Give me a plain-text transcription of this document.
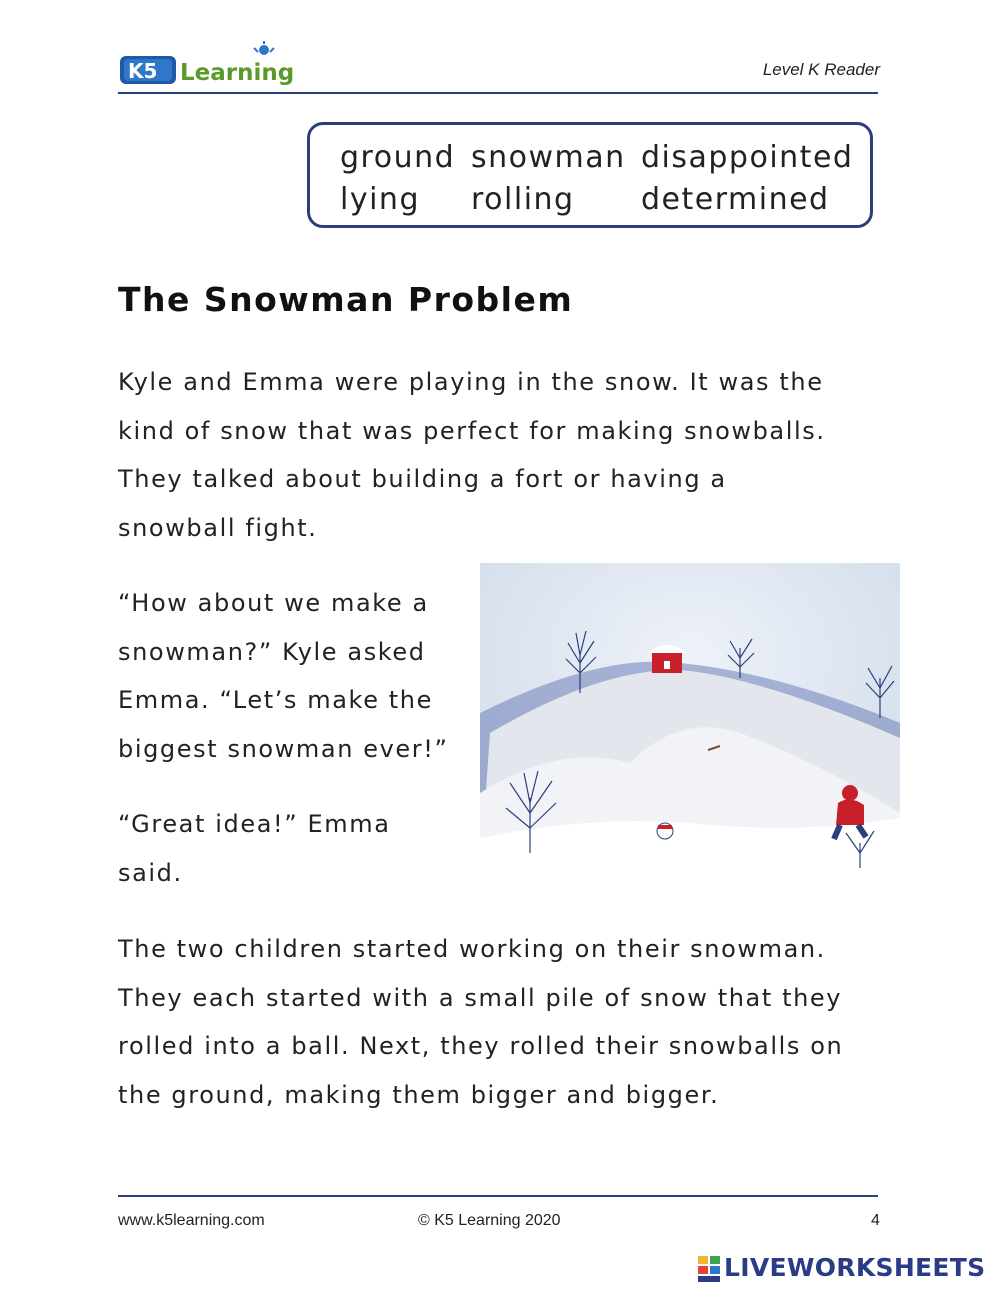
K5 Learning	Level K Reader
ground snowman disappointed
lying rolling determined
The Snowman Problem
Kyle and Emma were playing in the snow. It was the
kind of snow that was perfect for making snowballs.
They talked about building a fort or having a
snowball fight.
“How about we make a
snowman?” Kyle asked
Emma. “Let’s make the
biggest snowman ever!”
“Great idea!” Emma
said.
The two children started working on their snowman.
They each started with a small pile of snow that they
rolled into a ball. Next, they rolled their snowballs on
the ground, making them bigger and bigger.
www.k5learning.com	© K5 Learning 2020	4
LIVEWORKSHEETS
